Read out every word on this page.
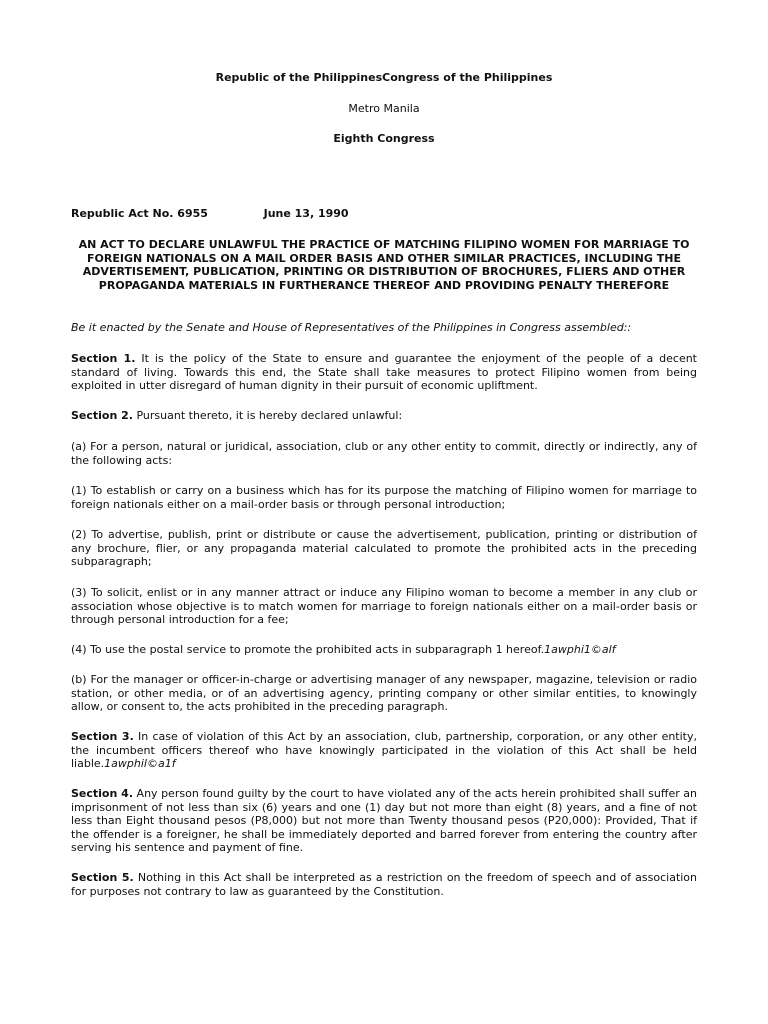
Republic of the PhilippinesCongress of the Philippines
Metro Manila
Eighth Congress
Republic Act No. 6955	June 13, 1990
AN ACT TO DECLARE UNLAWFUL THE PRACTICE OF MATCHING FILIPINO WOMEN FOR MARRIAGE TO FOREIGN NATIONALS ON A MAIL ORDER BASIS AND OTHER SIMILAR PRACTICES, INCLUDING THE ADVERTISEMENT, PUBLICATION, PRINTING OR DISTRIBUTION OF BROCHURES, FLIERS AND OTHER PROPAGANDA MATERIALS IN FURTHERANCE THEREOF AND PROVIDING PENALTY THEREFORE
Be it enacted by the Senate and House of Representatives of the Philippines in Congress assembled::
Section 1. It is the policy of the State to ensure and guarantee the enjoyment of the people of a decent standard of living. Towards this end, the State shall take measures to protect Filipino women from being exploited in utter disregard of human dignity in their pursuit of economic upliftment.
Section 2. Pursuant thereto, it is hereby declared unlawful:
(a) For a person, natural or juridical, association, club or any other entity to commit, directly or indirectly, any of the following acts:
(1) To establish or carry on a business which has for its purpose the matching of Filipino women for marriage to foreign nationals either on a mail-order basis or through personal introduction;
(2) To advertise, publish, print or distribute or cause the advertisement, publication, printing or distribution of any brochure, flier, or any propaganda material calculated to promote the prohibited acts in the preceding subparagraph;
(3) To solicit, enlist or in any manner attract or induce any Filipino woman to become a member in any club or association whose objective is to match women for marriage to foreign nationals either on a mail-order basis or through personal introduction for a fee;
(4) To use the postal service to promote the prohibited acts in subparagraph 1 hereof.1awphi1©alf
(b) For the manager or officer-in-charge or advertising manager of any newspaper, magazine, television or radio station, or other media, or of an advertising agency, printing company or other similar entities, to knowingly allow, or consent to, the acts prohibited in the preceding paragraph.
Section 3. In case of violation of this Act by an association, club, partnership, corporation, or any other entity, the incumbent officers thereof who have knowingly participated in the violation of this Act shall be held liable.1awphil©a1f
Section 4. Any person found guilty by the court to have violated any of the acts herein prohibited shall suffer an imprisonment of not less than six (6) years and one (1) day but not more than eight (8) years, and a fine of not less than Eight thousand pesos (P8,000) but not more than Twenty thousand pesos (P20,000): Provided, That if the offender is a foreigner, he shall be immediately deported and barred forever from entering the country after serving his sentence and payment of fine.
Section 5. Nothing in this Act shall be interpreted as a restriction on the freedom of speech and of association for purposes not contrary to law as guaranteed by the Constitution.
